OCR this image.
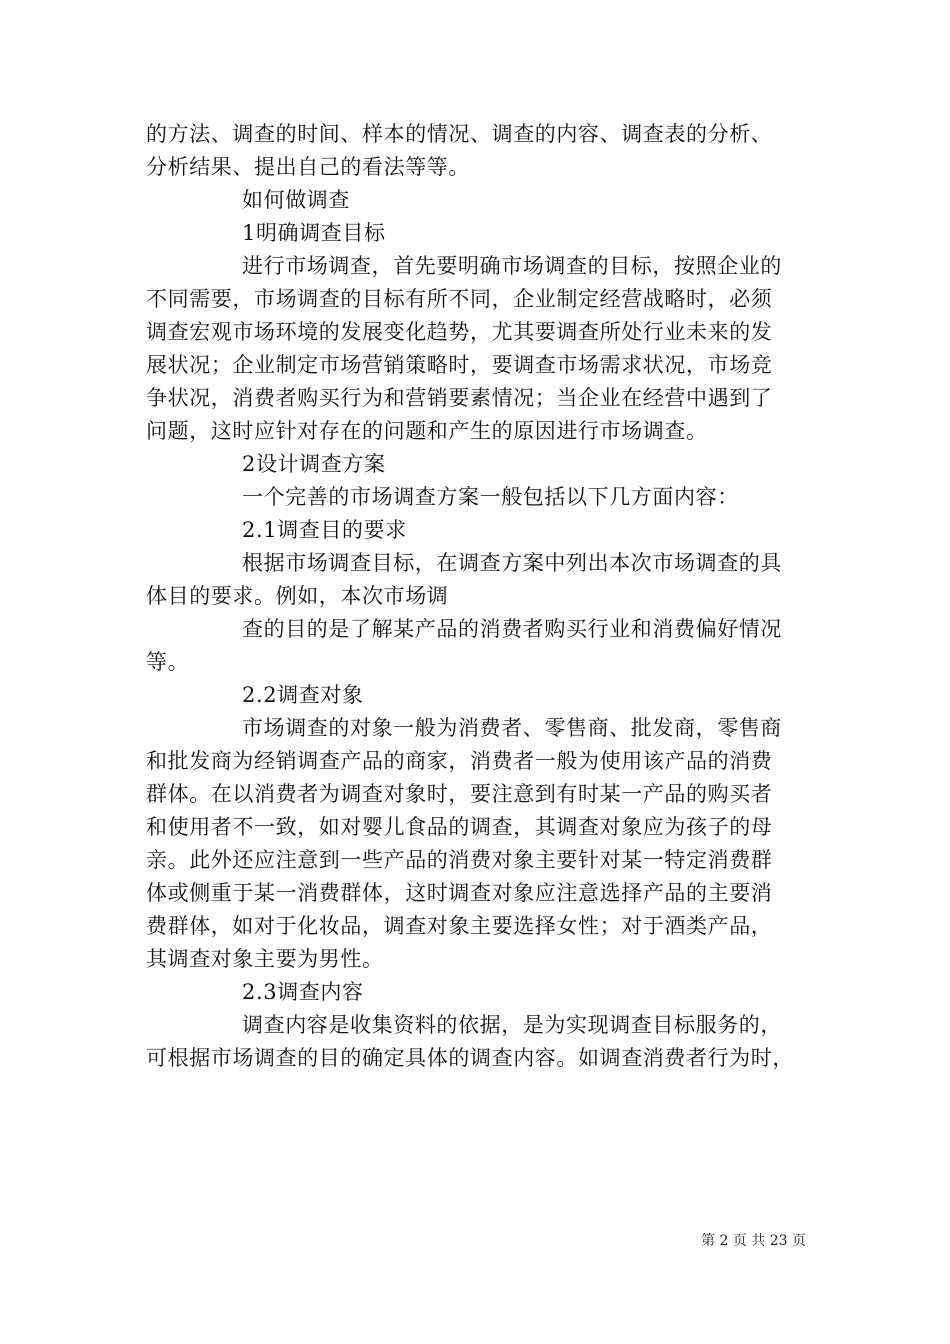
的方法、调查的时间、样本的情况、调查的内容、调查表的分析、
分析结果、提出自己的看法等等。
如何做调查
1明确调查目标
进行市场调查，首先要明确市场调查的目标，按照企业的
不同需要，市场调查的目标有所不同，企业制定经营战略时，必须
调查宏观市场环境的发展变化趋势，尤其要调查所处行业未来的发
展状况；企业制定市场营销策略时，要调查市场需求状况，市场竞
争状况，消费者购买行为和营销要素情况；当企业在经营中遇到了
问题，这时应针对存在的问题和产生的原因进行市场调查。
2设计调查方案
一个完善的市场调查方案一般包括以下几方面内容：
2.1调查目的要求
根据市场调查目标，在调查方案中列出本次市场调查的具
体目的要求。例如，本次市场调
查的目的是了解某产品的消费者购买行业和消费偏好情况
等。
2.2调查对象
市场调查的对象一般为消费者、零售商、批发商，零售商
和批发商为经销调查产品的商家，消费者一般为使用该产品的消费
群体。在以消费者为调查对象时，要注意到有时某一产品的购买者
和使用者不一致，如对婴儿食品的调查，其调查对象应为孩子的母
亲。此外还应注意到一些产品的消费对象主要针对某一特定消费群
体或侧重于某一消费群体，这时调查对象应注意选择产品的主要消
费群体，如对于化妆品，调查对象主要选择女性；对于酒类产品，
其调查对象主要为男性。
2.3调查内容
调查内容是收集资料的依据，是为实现调查目标服务的，
可根据市场调查的目的确定具体的调查内容。如调查消费者行为时，
第 2 页 共 23 页
